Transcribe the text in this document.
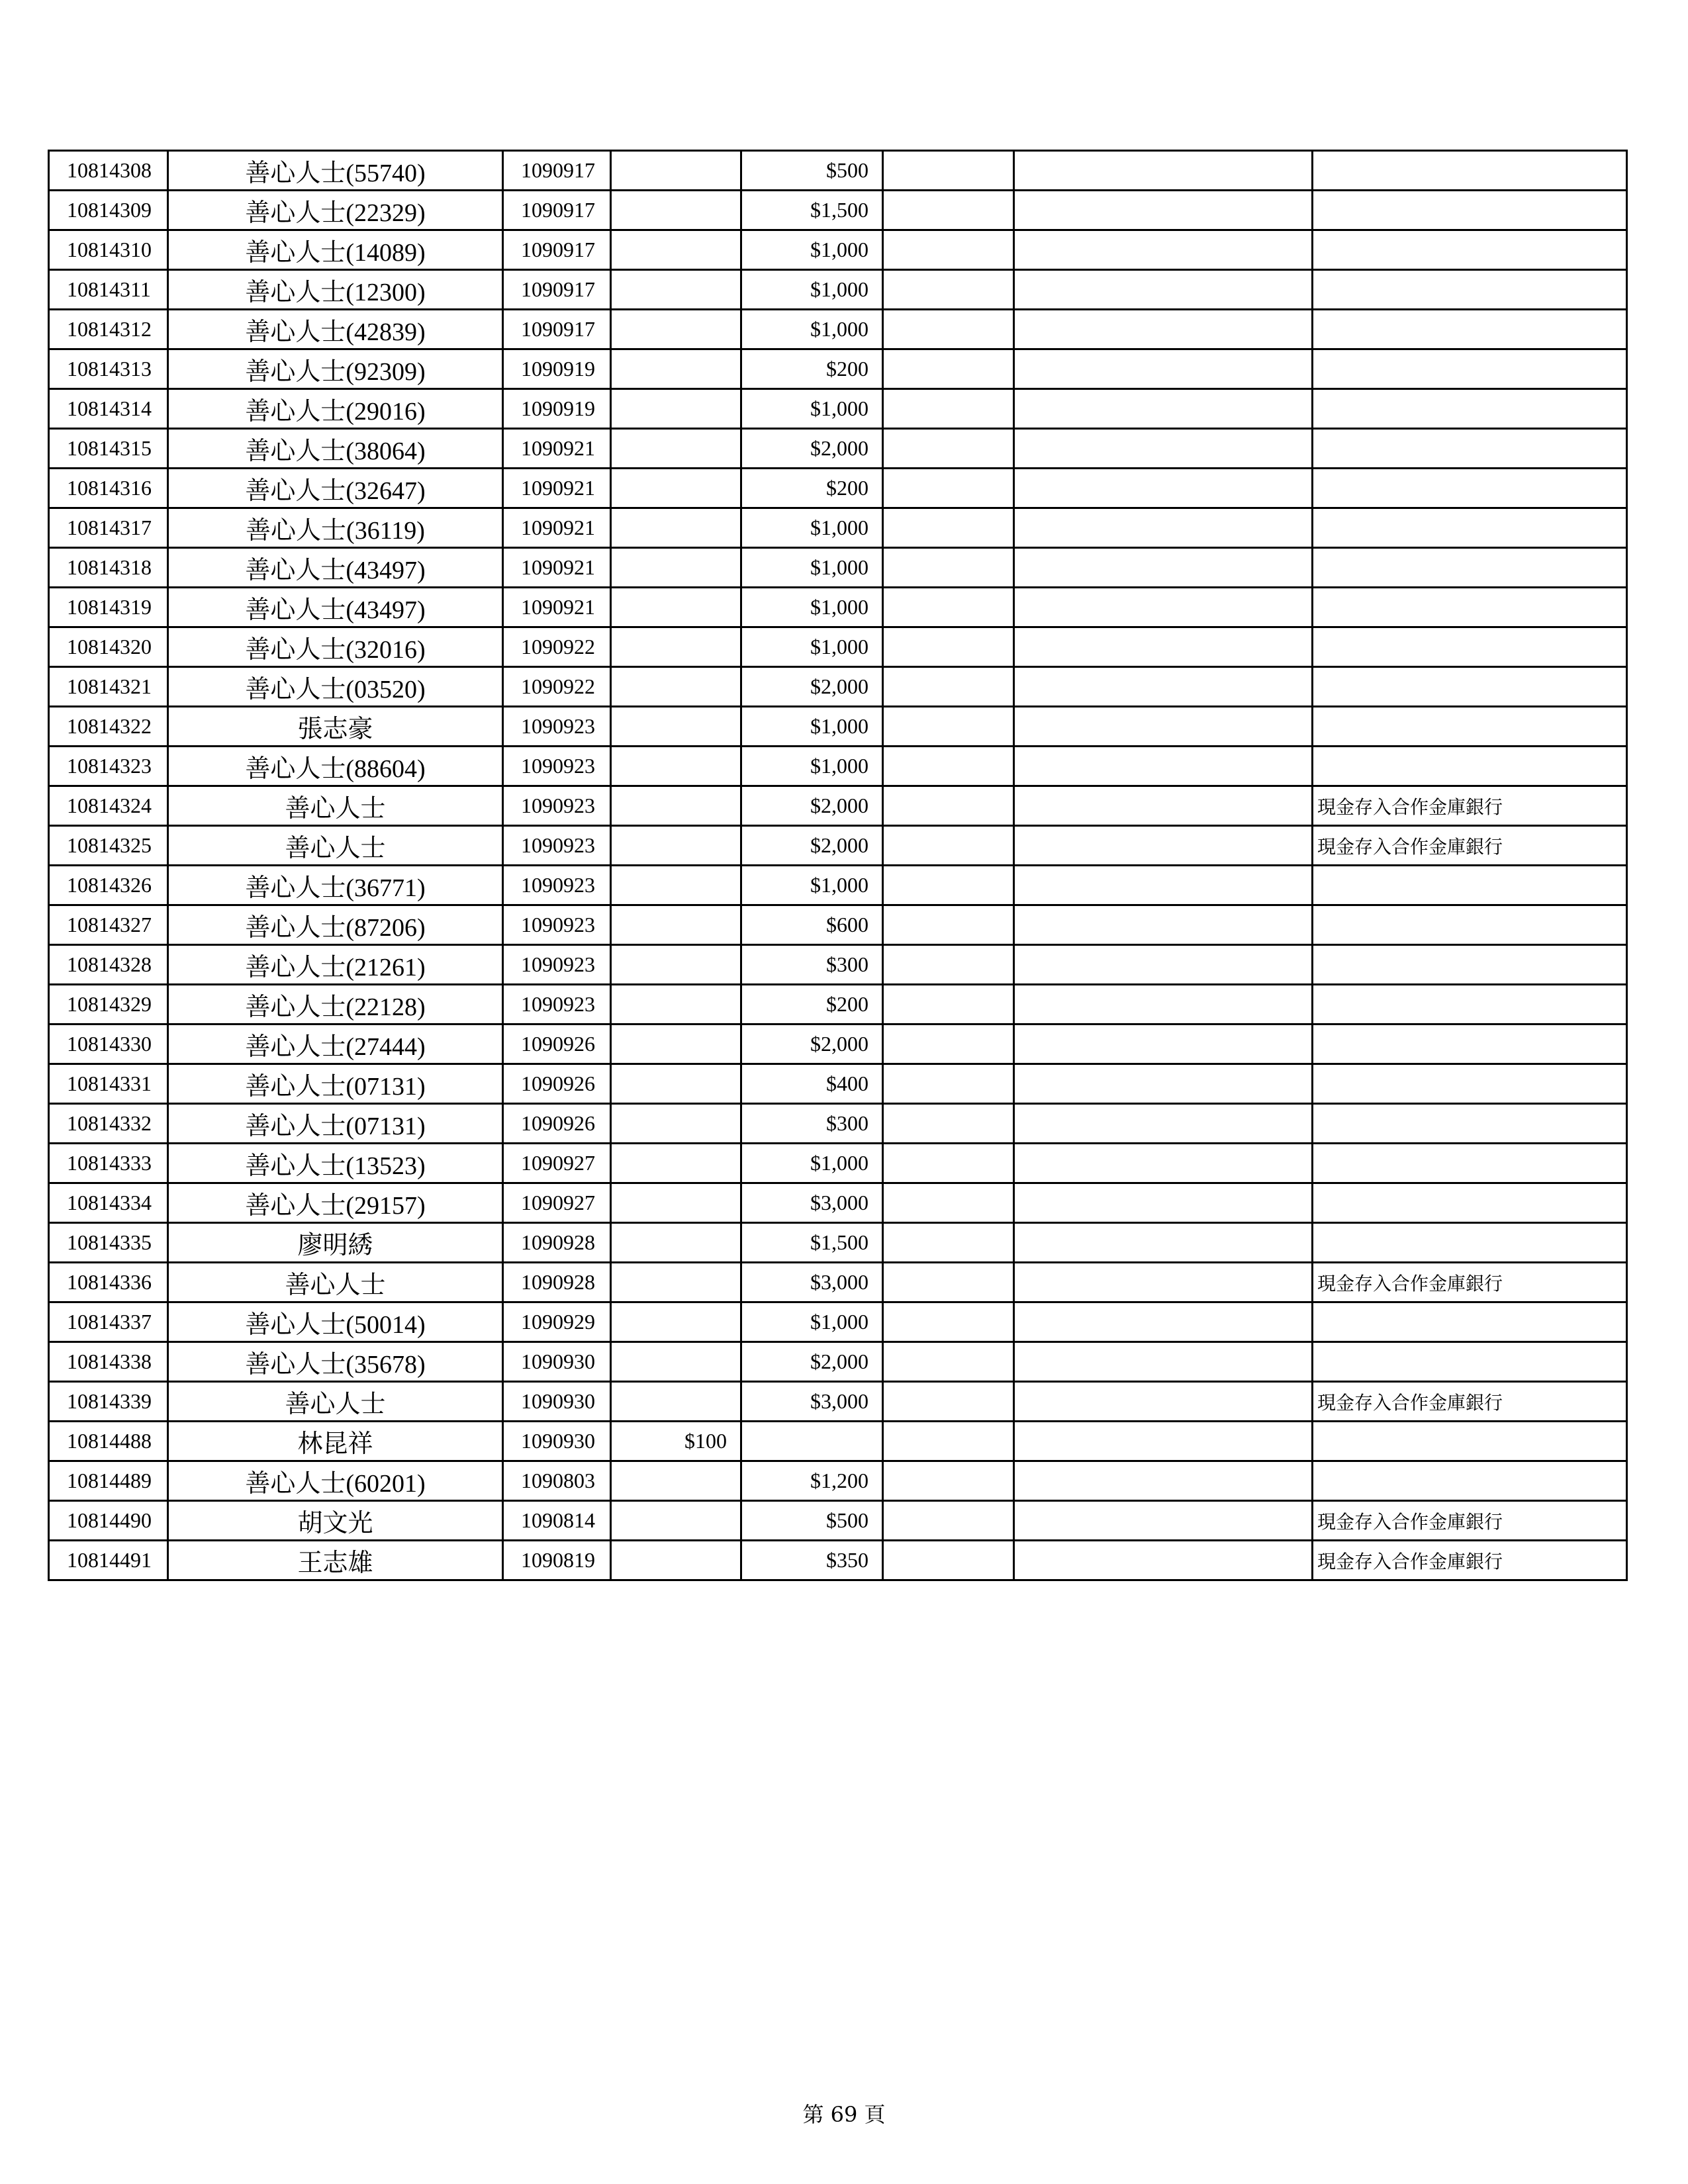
10814308	善心人士(55740)	1090917		$500			
10814309	善心人士(22329)	1090917		$1,500			
10814310	善心人士(14089)	1090917		$1,000			
10814311	善心人士(12300)	1090917		$1,000			
10814312	善心人士(42839)	1090917		$1,000			
10814313	善心人士(92309)	1090919		$200			
10814314	善心人士(29016)	1090919		$1,000			
10814315	善心人士(38064)	1090921		$2,000			
10814316	善心人士(32647)	1090921		$200			
10814317	善心人士(36119)	1090921		$1,000			
10814318	善心人士(43497)	1090921		$1,000			
10814319	善心人士(43497)	1090921		$1,000			
10814320	善心人士(32016)	1090922		$1,000			
10814321	善心人士(03520)	1090922		$2,000			
10814322	張志豪	1090923		$1,000			
10814323	善心人士(88604)	1090923		$1,000			
10814324	善心人士	1090923		$2,000			現金存入合作金庫銀行
10814325	善心人士	1090923		$2,000			現金存入合作金庫銀行
10814326	善心人士(36771)	1090923		$1,000			
10814327	善心人士(87206)	1090923		$600			
10814328	善心人士(21261)	1090923		$300			
10814329	善心人士(22128)	1090923		$200			
10814330	善心人士(27444)	1090926		$2,000			
10814331	善心人士(07131)	1090926		$400			
10814332	善心人士(07131)	1090926		$300			
10814333	善心人士(13523)	1090927		$1,000			
10814334	善心人士(29157)	1090927		$3,000			
10814335	廖明綉	1090928		$1,500			
10814336	善心人士	1090928		$3,000			現金存入合作金庫銀行
10814337	善心人士(50014)	1090929		$1,000			
10814338	善心人士(35678)	1090930		$2,000			
10814339	善心人士	1090930		$3,000			現金存入合作金庫銀行
10814488	林昆祥	1090930	$100				
10814489	善心人士(60201)	1090803		$1,200			
10814490	胡文光	1090814		$500			現金存入合作金庫銀行
10814491	王志雄	1090819		$350			現金存入合作金庫銀行
第 69 頁
